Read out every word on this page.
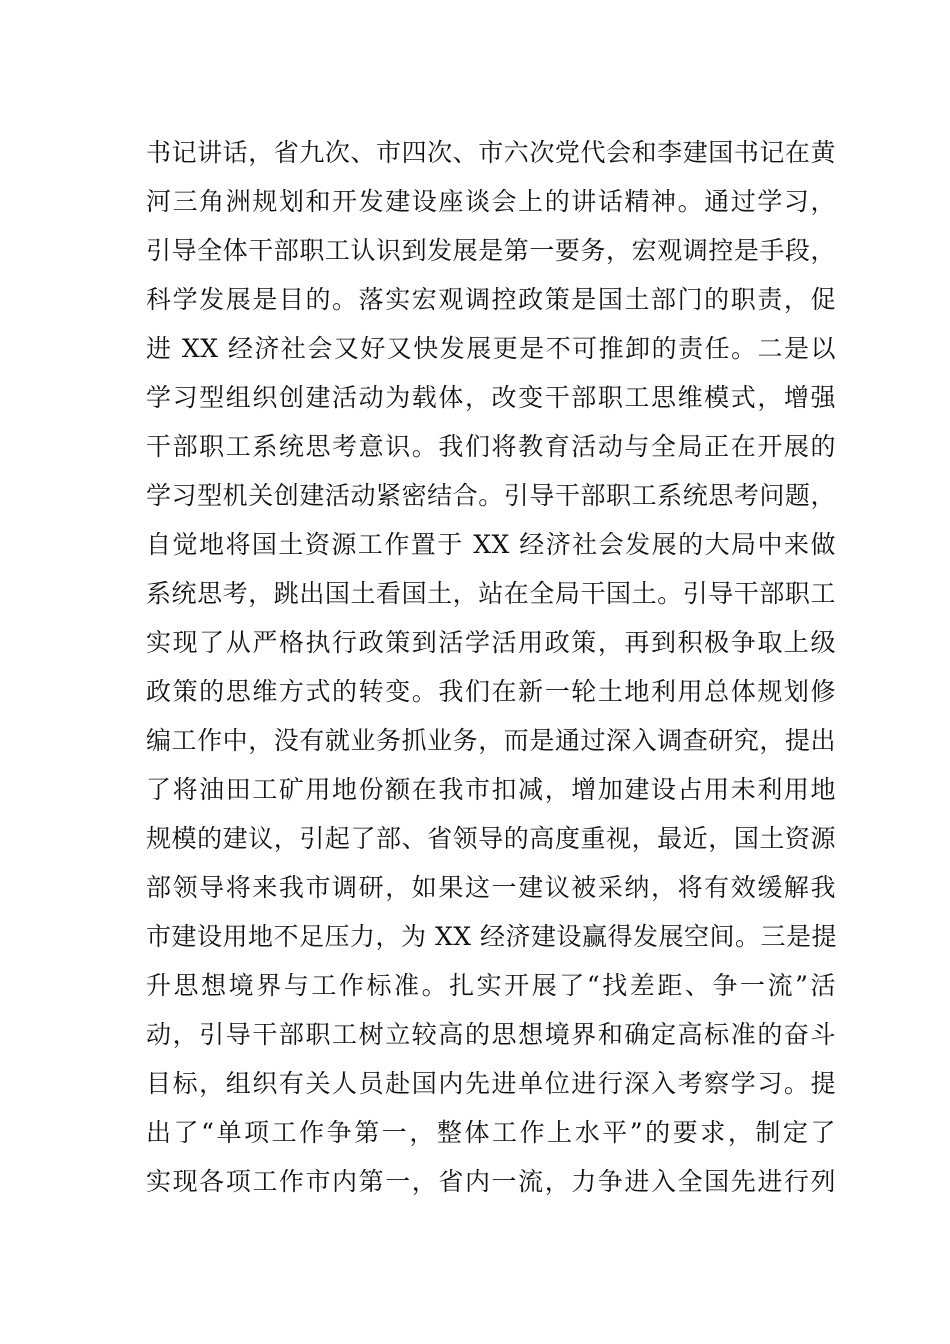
书记讲话，省九次、市四次、市六次党代会和李建国书记在黄
河三角洲规划和开发建设座谈会上的讲话精神。通过学习，
引导全体干部职工认识到发展是第一要务，宏观调控是手段，
科学发展是目的。落实宏观调控政策是国土部门的职责，促
进 XX 经济社会又好又快发展更是不可推卸的责任。二是以
学习型组织创建活动为载体，改变干部职工思维模式，增强
干部职工系统思考意识。我们将教育活动与全局正在开展的
学习型机关创建活动紧密结合。引导干部职工系统思考问题，
自觉地将国土资源工作置于 XX 经济社会发展的大局中来做
系统思考，跳出国土看国土，站在全局干国土。引导干部职工
实现了从严格执行政策到活学活用政策，再到积极争取上级
政策的思维方式的转变。我们在新一轮土地利用总体规划修
编工作中，没有就业务抓业务，而是通过深入调查研究，提出
了将油田工矿用地份额在我市扣减，增加建设占用未利用地
规模的建议，引起了部、省领导的高度重视，最近，国土资源
部领导将来我市调研，如果这一建议被采纳，将有效缓解我
市建设用地不足压力，为 XX 经济建设赢得发展空间。三是提
升思想境界与工作标准。扎实开展了“找差距、争一流”活
动，引导干部职工树立较高的思想境界和确定高标准的奋斗
目标，组织有关人员赴国内先进单位进行深入考察学习。提
出了“单项工作争第一，整体工作上水平”的要求，制定了
实现各项工作市内第一，省内一流，力争进入全国先进行列
